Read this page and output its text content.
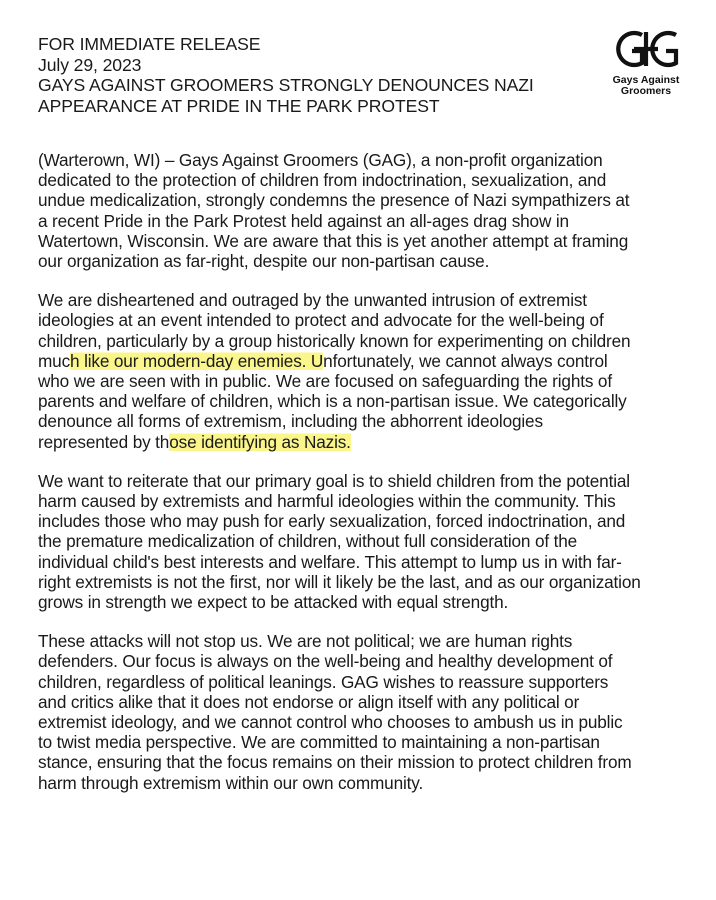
FOR IMMEDIATE RELEASE
July 29, 2023
GAYS AGAINST GROOMERS STRONGLY DENOUNCES NAZI
APPEARANCE AT PRIDE IN THE PARK PROTEST
Gays Against
Groomers
(Warterown, WI) – Gays Against Groomers (GAG), a non-profit organization
dedicated to the protection of children from indoctrination, sexualization, and
undue medicalization, strongly condemns the presence of Nazi sympathizers at
a recent Pride in the Park Protest held against an all-ages drag show in
Watertown, Wisconsin. We are aware that this is yet another attempt at framing
our organization as far-right, despite our non-partisan cause.
We are disheartened and outraged by the unwanted intrusion of extremist
ideologies at an event intended to protect and advocate for the well-being of
children, particularly by a group historically known for experimenting on children
much like our modern-day enemies. Unfortunately, we cannot always control
who we are seen with in public. We are focused on safeguarding the rights of
parents and welfare of children, which is a non-partisan issue. We categorically
denounce all forms of extremism, including the abhorrent ideologies
represented by those identifying as Nazis.
We want to reiterate that our primary goal is to shield children from the potential
harm caused by extremists and harmful ideologies within the community. This
includes those who may push for early sexualization, forced indoctrination, and
the premature medicalization of children, without full consideration of the
individual child's best interests and welfare. This attempt to lump us in with far-
right extremists is not the first, nor will it likely be the last, and as our organization
grows in strength we expect to be attacked with equal strength.
These attacks will not stop us. We are not political; we are human rights
defenders. Our focus is always on the well-being and healthy development of
children, regardless of political leanings. GAG wishes to reassure supporters
and critics alike that it does not endorse or align itself with any political or
extremist ideology, and we cannot control who chooses to ambush us in public
to twist media perspective. We are committed to maintaining a non-partisan
stance, ensuring that the focus remains on their mission to protect children from
harm through extremism within our own community.
